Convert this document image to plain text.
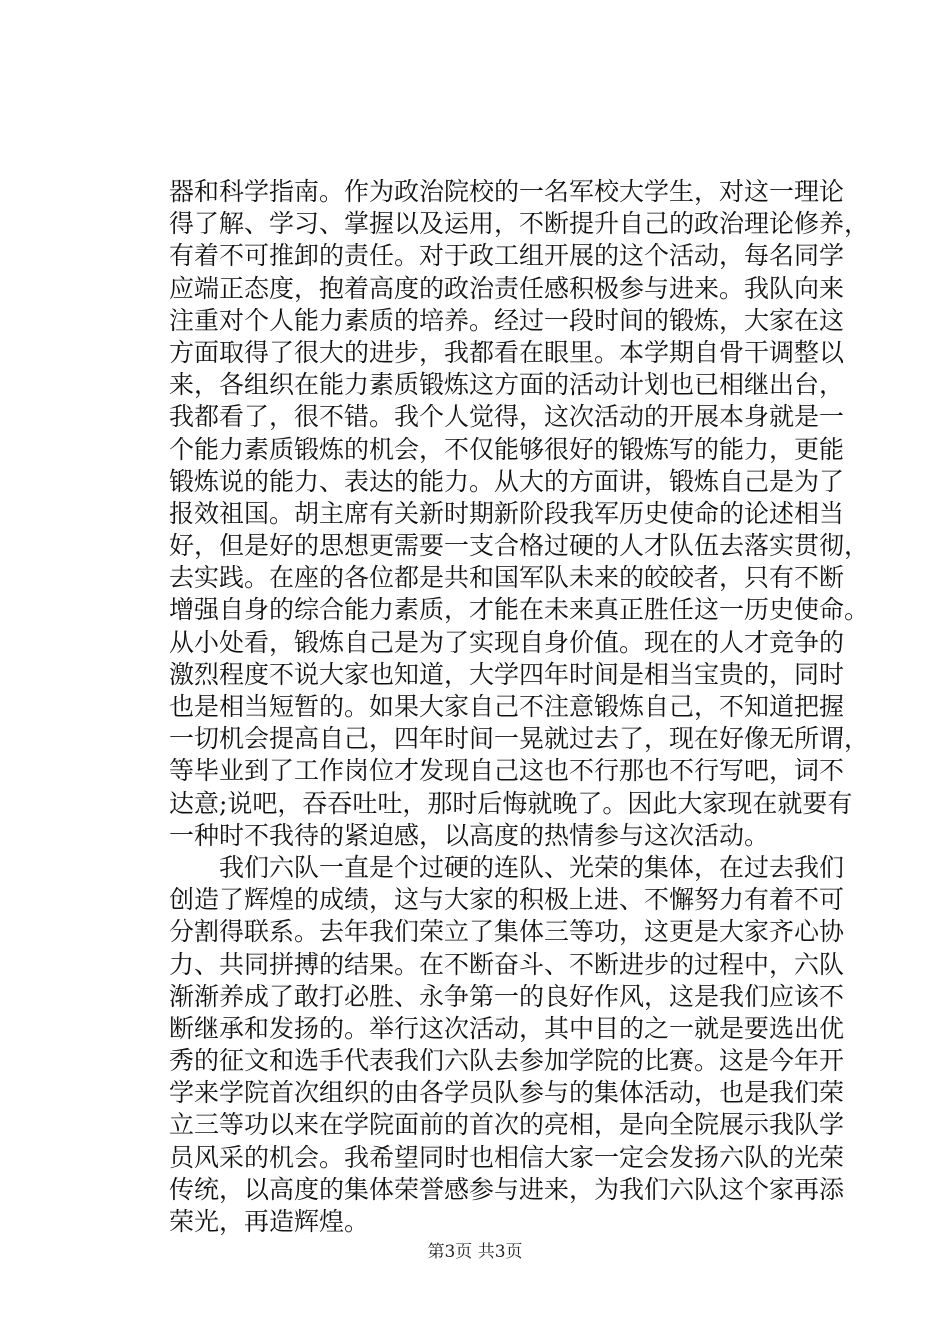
器和科学指南。作为政治院校的一名军校大学生，对这一理论
得了解、学习、掌握以及运用，不断提升自己的政治理论修养，
有着不可推卸的责任。对于政工组开展的这个活动，每名同学
应端正态度，抱着高度的政治责任感积极参与进来。我队向来
注重对个人能力素质的培养。经过一段时间的锻炼，大家在这
方面取得了很大的进步，我都看在眼里。本学期自骨干调整以
来，各组织在能力素质锻炼这方面的活动计划也已相继出台，
我都看了，很不错。我个人觉得，这次活动的开展本身就是一
个能力素质锻炼的机会，不仅能够很好的锻炼写的能力，更能
锻炼说的能力、表达的能力。从大的方面讲，锻炼自己是为了
报效祖国。胡主席有关新时期新阶段我军历史使命的论述相当
好，但是好的思想更需要一支合格过硬的人才队伍去落实贯彻，
去实践。在座的各位都是共和国军队未来的皎皎者，只有不断
增强自身的综合能力素质，才能在未来真正胜任这一历史使命。
从小处看，锻炼自己是为了实现自身价值。现在的人才竞争的
激烈程度不说大家也知道，大学四年时间是相当宝贵的，同时
也是相当短暂的。如果大家自己不注意锻炼自己，不知道把握
一切机会提高自己，四年时间一晃就过去了，现在好像无所谓，
等毕业到了工作岗位才发现自己这也不行那也不行写吧，词不
达意;说吧，吞吞吐吐，那时后悔就晚了。因此大家现在就要有
一种时不我待的紧迫感，以高度的热情参与这次活动。
我们六队一直是个过硬的连队、光荣的集体，在过去我们
创造了辉煌的成绩，这与大家的积极上进、不懈努力有着不可
分割得联系。去年我们荣立了集体三等功，这更是大家齐心协
力、共同拼搏的结果。在不断奋斗、不断进步的过程中，六队
渐渐养成了敢打必胜、永争第一的良好作风，这是我们应该不
断继承和发扬的。举行这次活动，其中目的之一就是要选出优
秀的征文和选手代表我们六队去参加学院的比赛。这是今年开
学来学院首次组织的由各学员队参与的集体活动，也是我们荣
立三等功以来在学院面前的首次的亮相，是向全院展示我队学
员风采的机会。我希望同时也相信大家一定会发扬六队的光荣
传统，以高度的集体荣誉感参与进来，为我们六队这个家再添
荣光，再造辉煌。
第3页 共3页
